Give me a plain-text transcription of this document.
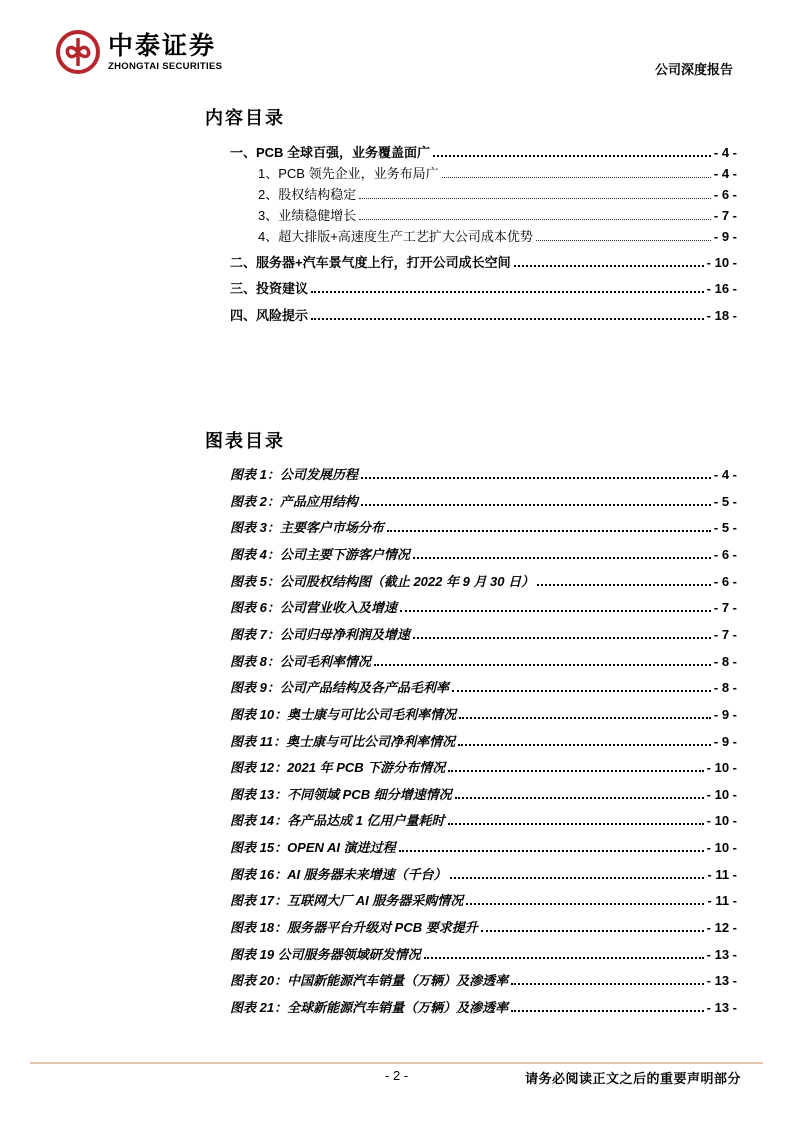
中泰证券
ZHONGTAI SECURITIES	公司深度报告
内容目录
一、PCB 全球百强，业务覆盖面广	- 4 -
1、PCB 领先企业，业务布局广	- 4 -
2、股权结构稳定	- 6 -
3、业绩稳健增长	- 7 -
4、超大排版+高速度生产工艺扩大公司成本优势	- 9 -
二、服务器+汽车景气度上行，打开公司成长空间	- 10 -
三、投资建议	- 16 -
四、风险提示	- 18 -
图表目录
图表 1：公司发展历程	- 4 -
图表 2：产品应用结构	- 5 -
图表 3：主要客户市场分布	- 5 -
图表 4：公司主要下游客户情况	- 6 -
图表 5：公司股权结构图（截止 2022 年 9 月 30 日）	- 6 -
图表 6：公司营业收入及增速	- 7 -
图表 7：公司归母净利润及增速	- 7 -
图表 8：公司毛利率情况	- 8 -
图表 9：公司产品结构及各产品毛利率	- 8 -
图表 10：奥士康与可比公司毛利率情况	- 9 -
图表 11：奥士康与可比公司净利率情况	- 9 -
图表 12：2021 年 PCB 下游分布情况	- 10 -
图表 13：不同领域 PCB 细分增速情况	- 10 -
图表 14：各产品达成 1 亿用户量耗时	- 10 -
图表 15：OPEN AI 演进过程	- 10 -
图表 16：AI 服务器未来增速（千台）	- 11 -
图表 17：互联网大厂 AI 服务器采购情况	- 11 -
图表 18：服务器平台升级对 PCB 要求提升	- 12 -
图表 19 公司服务器领域研发情况	- 13 -
图表 20：中国新能源汽车销量（万辆）及渗透率	- 13 -
图表 21：全球新能源汽车销量（万辆）及渗透率	- 13 -
- 2 -	请务必阅读正文之后的重要声明部分
